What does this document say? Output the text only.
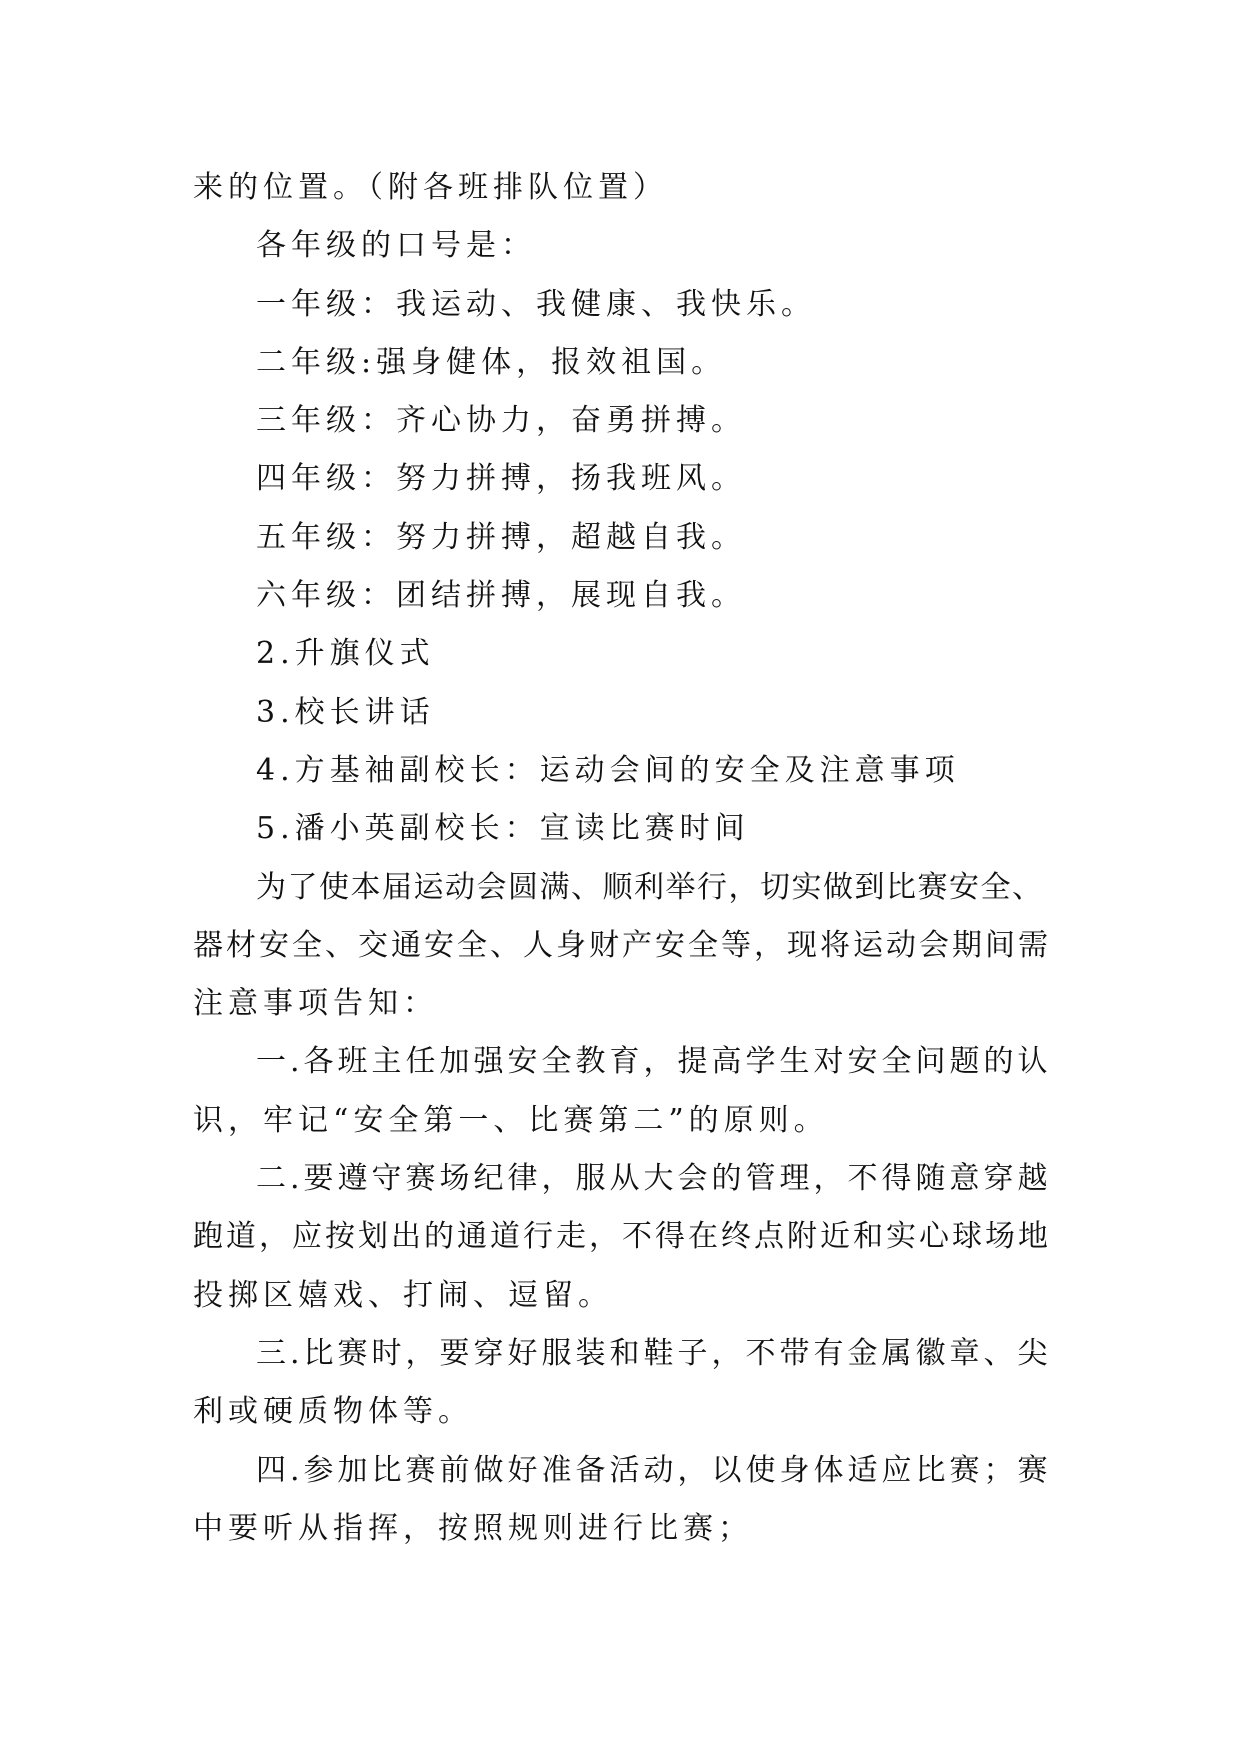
来的位置。（附各班排队位置）

各年级的口号是：

一年级：我运动、我健康、我快乐。

二年级:强身健体，报效祖国。

三年级：齐心协力，奋勇拼搏。

四年级：努力拼搏，扬我班风。

五年级：努力拼搏，超越自我。

六年级：团结拼搏，展现自我。

2.升旗仪式

3.校长讲话

4.方基袖副校长：运动会间的安全及注意事项

5.潘小英副校长：宣读比赛时间

为了使本届运动会圆满、顺利举行，切实做到比赛安全、

器材安全、交通安全、人身财产安全等，现将运动会期间需

注意事项告知：

一.各班主任加强安全教育，提高学生对安全问题的认

识，牢记“安全第一、比赛第二”的原则。

二.要遵守赛场纪律，服从大会的管理，不得随意穿越

跑道，应按划出的通道行走，不得在终点附近和实心球场地

投掷区嬉戏、打闹、逗留。

三.比赛时，要穿好服装和鞋子，不带有金属徽章、尖

利或硬质物体等。

四.参加比赛前做好准备活动，以使身体适应比赛；赛

中要听从指挥，按照规则进行比赛；
